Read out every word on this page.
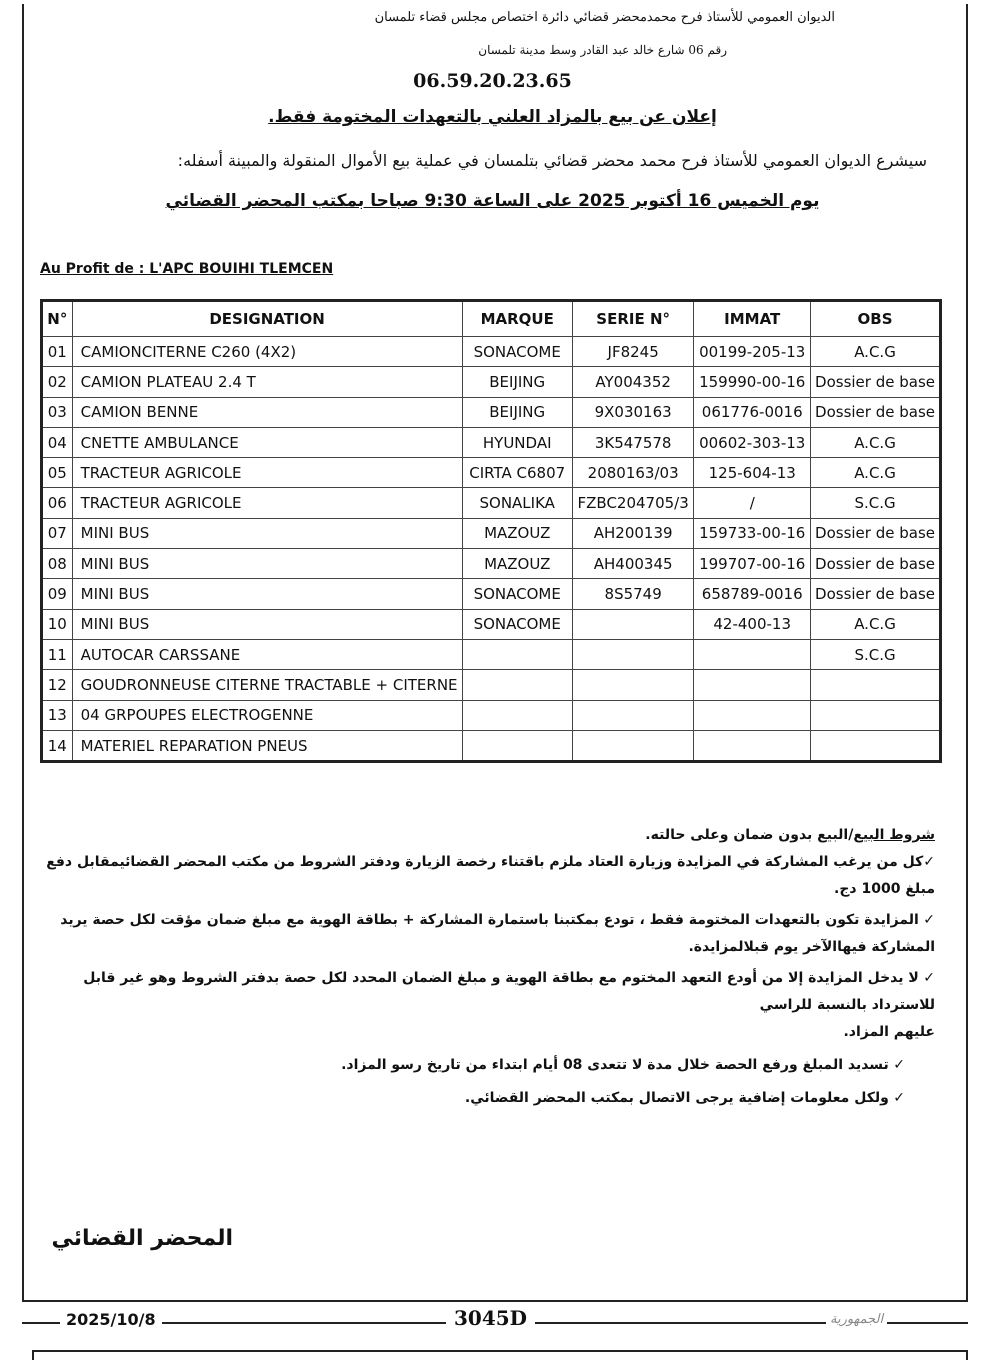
الديوان العمومي للأستاذ فرح محمدمحضر قضائي دائرة اختصاص مجلس قضاء تلمسان
رقم 06 شارع خالد عبد القادر وسط مدينة تلمسان
06.59.20.23.65
إعلان عن بيع بالمزاد العلني بالتعهدات المختومة فقط.
سيشرع الديوان العمومي للأستاذ فرح محمد محضر قضائي بتلمسان في عملية بيع الأموال المنقولة والمبينة أسفله:
يوم الخميس 16 أكتوبر 2025 على الساعة 9:30 صباحا بمكتب المحضر القضائي
Au Profit de : L'APC BOUIHI TLEMCEN
N°	DESIGNATION	MARQUE	SERIE N°	IMMAT	OBS
01	CAMIONCITERNE C260 (4X2)	SONACOME	JF8245	00199-205-13	A.C.G
02	CAMION PLATEAU 2.4 T	BEIJING	AY004352	159990-00-16	Dossier de base
03	CAMION BENNE	BEIJING	9X030163	061776-0016	Dossier de base
04	CNETTE AMBULANCE	HYUNDAI	3K547578	00602-303-13	A.C.G
05	TRACTEUR AGRICOLE	CIRTA C6807	2080163/03	125-604-13	A.C.G
06	TRACTEUR AGRICOLE	SONALIKA	FZBC204705/3	/	S.C.G
07	MINI BUS	MAZOUZ	AH200139	159733-00-16	Dossier de base
08	MINI BUS	MAZOUZ	AH400345	199707-00-16	Dossier de base
09	MINI BUS	SONACOME	8S5749	658789-0016	Dossier de base
10	MINI BUS	SONACOME		42-400-13	A.C.G
11	AUTOCAR CARSSANE				S.C.G
12	GOUDRONNEUSE CITERNE TRACTABLE + CITERNE				
13	04 GRPOUPES ELECTROGENNE				
14	MATERIEL REPARATION PNEUS				

شروط البيع/البيع بدون ضمان وعلى حالته.

✓كل من يرغب المشاركة في المزايدة وزيارة العتاد ملزم باقتناء رخصة الزيارة ودفتر الشروط من مكتب المحضر القضائيمقابل دفع مبلغ 1000 دج.

✓ المزايدة تكون بالتعهدات المختومة فقط ، تودع بمكتبنا باستمارة المشاركة + بطاقة الهوية مع مبلغ ضمان مؤقت لكل حصة يريد المشاركة فيهاالآخر يوم قبلالمزايدة.

✓ لا يدخل المزايدة إلا من أودع التعهد المختوم مع بطاقة الهوية و مبلغ الضمان المحدد لكل حصة بدفتر الشروط وهو غير قابل للاسترداد بالنسبة للراسي

عليهم المزاد.

✓ تسديد المبلغ ورفع الحصة خلال مدة لا تتعدى 08 أيام ابتداء من تاريخ رسو المزاد.

✓ ولكل معلومات إضافية يرجى الاتصال بمكتب المحضر القضائي.

المحضر القضائي
2025/10/8	3045D	الجمهورية
